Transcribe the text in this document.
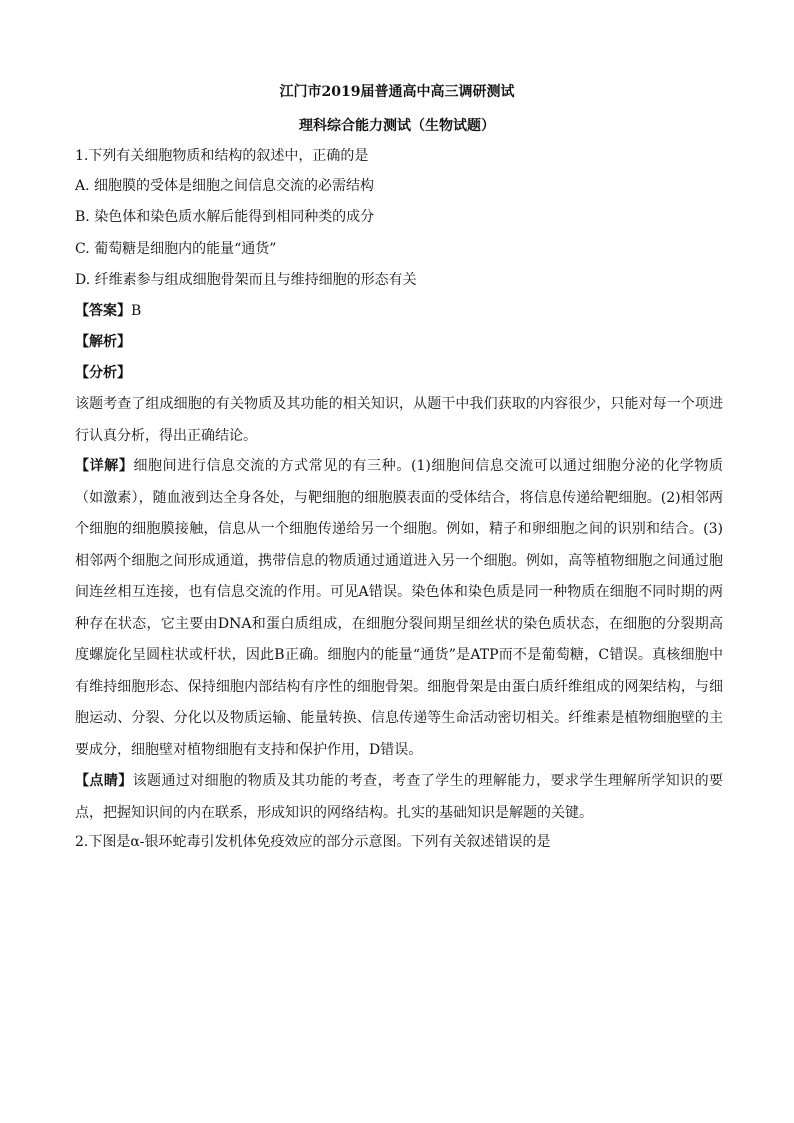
江门市2019届普通高中高三调研测试
理科综合能力测试（生物试题）
1.下列有关细胞物质和结构的叙述中，正确的是
A. 细胞膜的受体是细胞之间信息交流的必需结构
B. 染色体和染色质水解后能得到相同种类的成分
C. 葡萄糖是细胞内的能量“通货”
D. 纤维素参与组成细胞骨架而且与维持细胞的形态有关
【答案】B
【解析】
【分析】
该题考查了组成细胞的有关物质及其功能的相关知识，从题干中我们获取的内容很少，只能对每一个项进行认真分析，得出正确结论。
【详解】细胞间进行信息交流的方式常见的有三种。(1)细胞间信息交流可以通过细胞分泌的化学物质（如激素），随血液到达全身各处，与靶细胞的细胞膜表面的受体结合，将信息传递给靶细胞。(2)相邻两个细胞的细胞膜接触，信息从一个细胞传递给另一个细胞。例如，精子和卵细胞之间的识别和结合。(3)相邻两个细胞之间形成通道，携带信息的物质通过通道进入另一个细胞。例如，高等植物细胞之间通过胞间连丝相互连接，也有信息交流的作用。可见A错误。染色体和染色质是同一种物质在细胞不同时期的两种存在状态，它主要由DNA和蛋白质组成，在细胞分裂间期呈细丝状的染色质状态，在细胞的分裂期高度螺旋化呈圆柱状或杆状，因此B正确。细胞内的能量“通货”是ATP而不是葡萄糖，C错误。真核细胞中有维持细胞形态、保持细胞内部结构有序性的细胞骨架。细胞骨架是由蛋白质纤维组成的网架结构，与细胞运动、分裂、分化以及物质运输、能量转换、信息传递等生命活动密切相关。纤维素是植物细胞壁的主要成分，细胞壁对植物细胞有支持和保护作用，D错误。
【点睛】该题通过对细胞的物质及其功能的考查，考查了学生的理解能力，要求学生理解所学知识的要点，把握知识间的内在联系，形成知识的网络结构。扎实的基础知识是解题的关键。
2.下图是α-银环蛇毒引发机体免疫效应的部分示意图。下列有关叙述错误的是
